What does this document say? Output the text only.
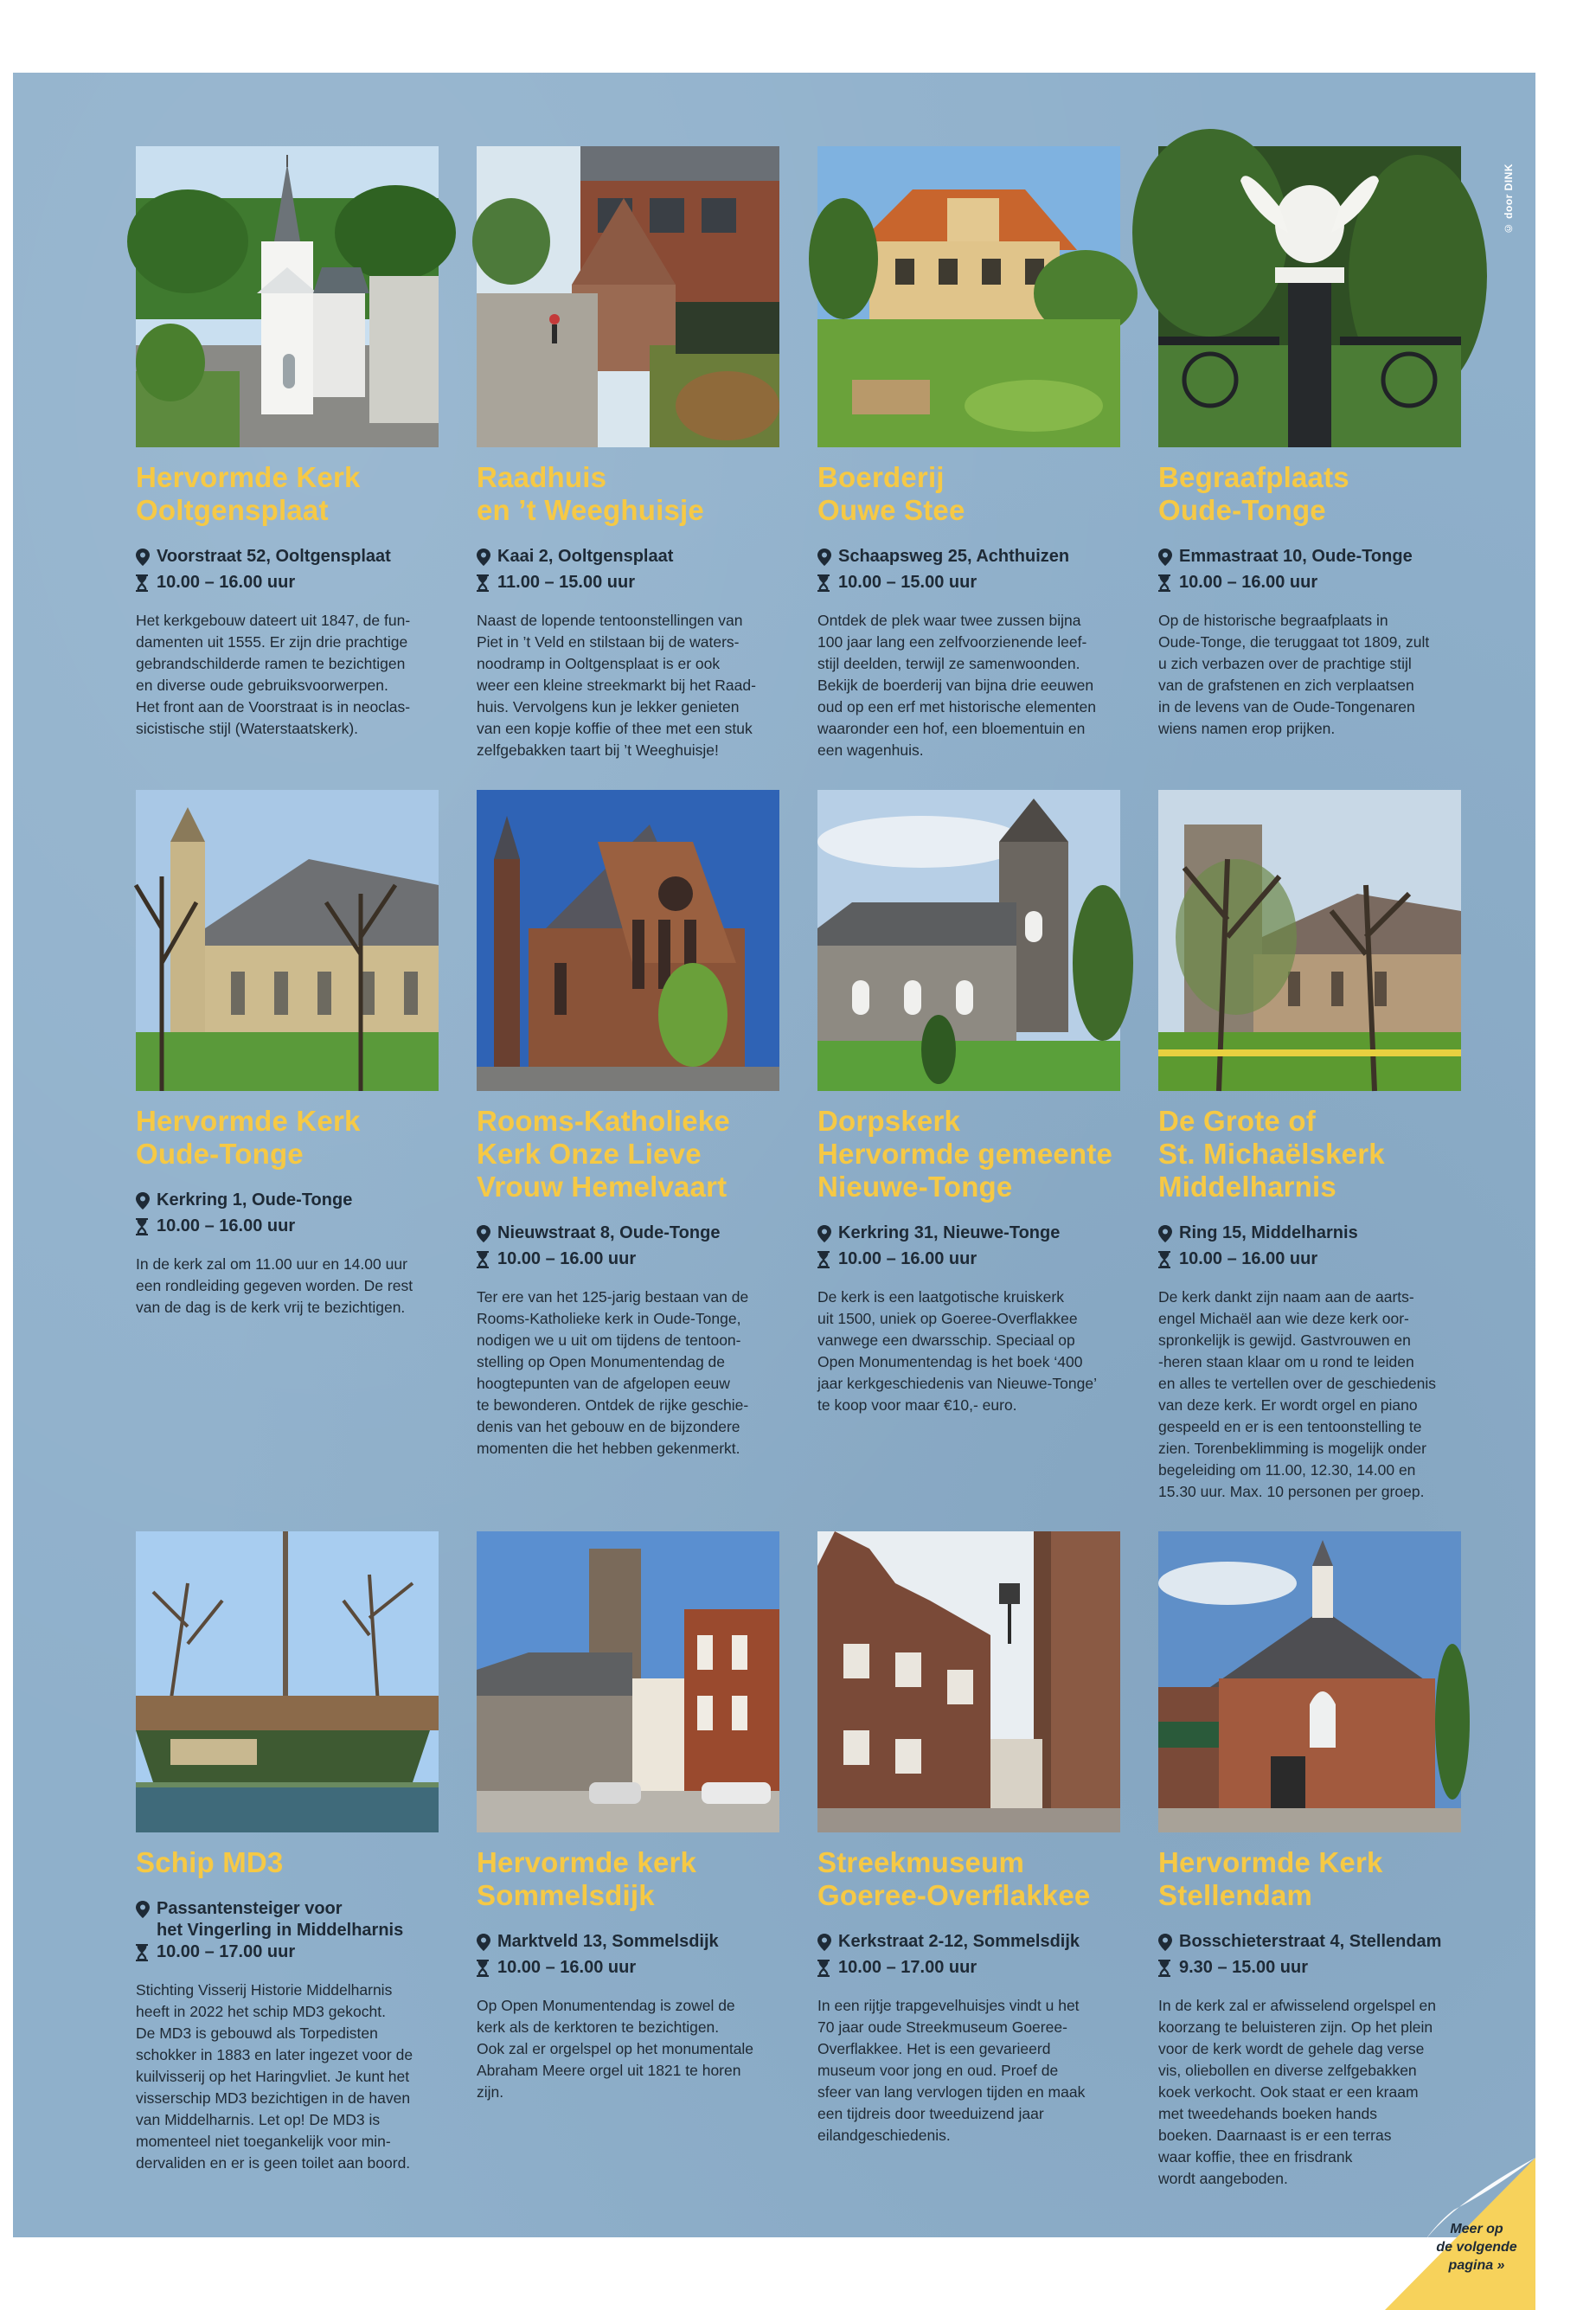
© door DINK
Hervormde Kerk
Ooltgensplaat
Voorstraat 52, Ooltgensplaat
10.00 – 16.00 uur
Het kerkgebouw dateert uit 1847, de fun-
damenten uit 1555. Er zijn drie prachtige
gebrandschilderde ramen te bezichtigen
en diverse oude gebruiksvoorwerpen.
Het front aan de Voorstraat is in neoclas-
sicistische stijl (Waterstaatskerk).
Raadhuis
en ’t Weeghuisje
Kaai 2, Ooltgensplaat
11.00 – 15.00 uur
Naast de lopende tentoonstellingen van
Piet in ’t Veld en stilstaan bij de waters-
noodramp in Ooltgensplaat is er ook
weer een kleine streekmarkt bij het Raad-
huis. Vervolgens kun je lekker genieten
van een kopje koffie of thee met een stuk
zelfgebakken taart bij ’t Weeghuisje!
Boerderij
Ouwe Stee
Schaapsweg 25, Achthuizen
10.00 – 15.00 uur
Ontdek de plek waar twee zussen bijna
100 jaar lang een zelfvoorzienende leef-
stijl deelden, terwijl ze samenwoonden.
Bekijk de boerderij van bijna drie eeuwen
oud op een erf met historische elementen
waaronder een hof, een bloementuin en
een wagenhuis.
Begraafplaats
Oude-Tonge
Emmastraat 10, Oude-Tonge
10.00 – 16.00 uur
Op de historische begraafplaats in
Oude-Tonge, die teruggaat tot 1809, zult
u zich verbazen over de prachtige stijl
van de grafstenen en zich verplaatsen
in de levens van de Oude-Tongenaren
wiens namen erop prijken.
Hervormde Kerk
Oude-Tonge
Kerkring 1, Oude-Tonge
10.00 – 16.00 uur
In de kerk zal om 11.00 uur en 14.00 uur
een rondleiding gegeven worden. De rest
van de dag is de kerk vrij te bezichtigen.
Rooms-Katholieke
Kerk Onze Lieve
Vrouw Hemelvaart
Nieuwstraat 8, Oude-Tonge
10.00 – 16.00 uur
Ter ere van het 125-jarig bestaan van de
Rooms-Katholieke kerk in Oude-Tonge,
nodigen we u uit om tijdens de tentoon-
stelling op Open Monumentendag de
hoogtepunten van de afgelopen eeuw
te bewonderen. Ontdek de rijke geschie-
denis van het gebouw en de bijzondere
momenten die het hebben gekenmerkt.
Dorpskerk
Hervormde gemeente
Nieuwe-Tonge
Kerkring 31, Nieuwe-Tonge
10.00 – 16.00 uur
De kerk is een laatgotische kruiskerk
uit 1500, uniek op Goeree-Overflakkee
vanwege een dwarsschip. Speciaal op
Open Monumentendag is het boek ‘400
jaar kerkgeschiedenis van Nieuwe-Tonge’
te koop voor maar €10,- euro.
De Grote of
St. Michaëlskerk
Middelharnis
Ring 15, Middelharnis
10.00 – 16.00 uur
De kerk dankt zijn naam aan de aarts-
engel Michaël aan wie deze kerk oor-
spronkelijk is gewijd. Gastvrouwen en
-heren staan klaar om u rond te leiden
en alles te vertellen over de geschiedenis
van deze kerk. Er wordt orgel en piano
gespeeld en er is een tentoonstelling te
zien. Torenbeklimming is mogelijk onder
begeleiding om 11.00, 12.30, 14.00 en
15.30 uur. Max. 10 personen per groep.
Schip MD3
Passantensteiger voor
het Vingerling in Middelharnis
10.00 – 17.00 uur
Stichting Visserij Historie Middelharnis
heeft in 2022 het schip MD3 gekocht.
De MD3 is gebouwd als Torpedisten
schokker in 1883 en later ingezet voor de
kuilvisserij op het Haringvliet. Je kunt het
visserschip MD3 bezichtigen in de haven
van Middelharnis. Let op! De MD3 is
momenteel niet toegankelijk voor min-
dervaliden en er is geen toilet aan boord.
Hervormde kerk
Sommelsdijk
Marktveld 13, Sommelsdijk
10.00 – 16.00 uur
Op Open Monumentendag is zowel de
kerk als de kerktoren te bezichtigen.
Ook zal er orgelspel op het monumentale
Abraham Meere orgel uit 1821 te horen
zijn.
Streekmuseum
Goeree-Overflakkee
Kerkstraat 2-12, Sommelsdijk
10.00 – 17.00 uur
In een rijtje trapgevelhuisjes vindt u het
70 jaar oude Streekmuseum Goeree-
Overflakkee. Het is een gevarieerd
museum voor jong en oud. Proef de
sfeer van lang vervlogen tijden en maak
een tijdreis door tweeduizend jaar
eilandgeschiedenis.
Hervormde Kerk
Stellendam
Bosschieterstraat 4, Stellendam
9.30 – 15.00 uur
In de kerk zal er afwisselend orgelspel en
koorzang te beluisteren zijn. Op het plein
voor de kerk wordt de gehele dag verse
vis, oliebollen en diverse zelfgebakken
koek verkocht. Ook staat er een kraam
met tweedehands boeken hands
boeken. Daarnaast is er een terras
waar koffie, thee en frisdrank
wordt aangeboden.
Meer op
de volgende
pagina »
